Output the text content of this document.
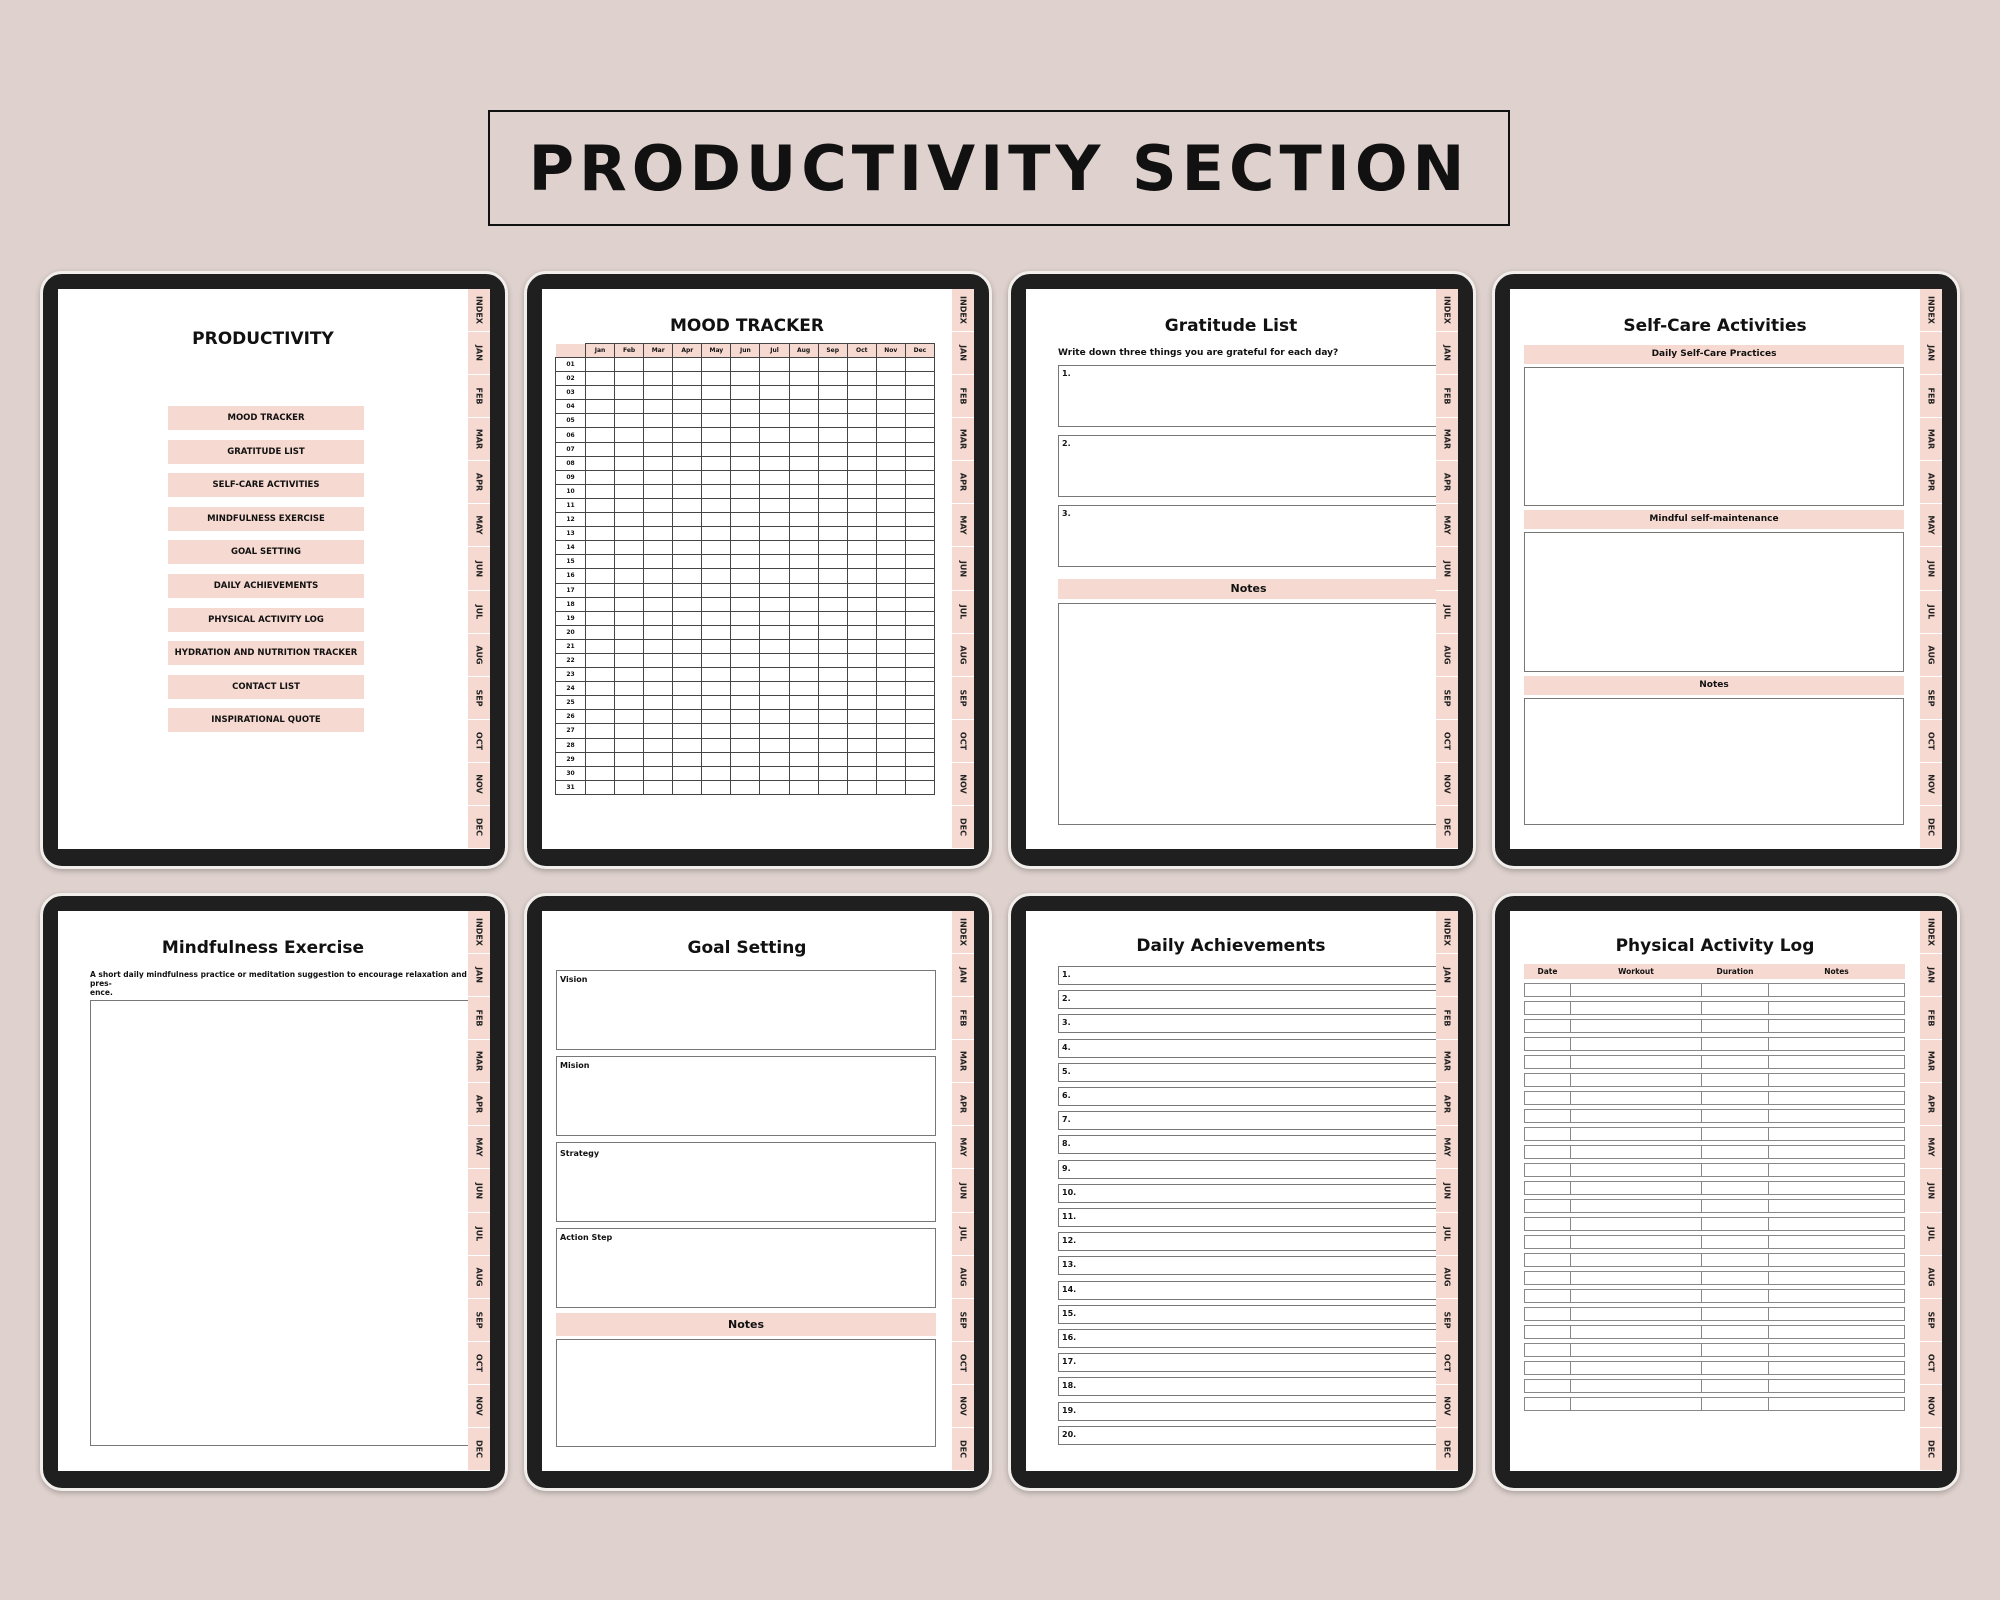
PRODUCTIVITY SECTION
PRODUCTIVITY
MOOD TRACKER
GRATITUDE LIST
SELF-CARE ACTIVITIES
MINDFULNESS EXERCISE
GOAL SETTING
DAILY ACHIEVEMENTS
PHYSICAL ACTIVITY LOG
HYDRATION AND NUTRITION TRACKER
CONTACT LIST
INSPIRATIONAL QUOTE
INDEX
JAN
FEB
MAR
APR
MAY
JUN
JUL
AUG
SEP
OCT
NOV
DEC
MOOD TRACKER
	Jan	Feb	Mar	Apr	May	Jun	Jul	Aug	Sep	Oct	Nov	Dec
01												
02												
03												
04												
05												
06												
07												
08												
09												
10												
11												
12												
13												
14												
15												
16												
17												
18												
19												
20												
21												
22												
23												
24												
25												
26												
27												
28												
29												
30												
31												
INDEX
JAN
FEB
MAR
APR
MAY
JUN
JUL
AUG
SEP
OCT
NOV
DEC
Gratitude List
Write down three things you are grateful for each day?
1.
2.
3.
Notes
INDEX
JAN
FEB
MAR
APR
MAY
JUN
JUL
AUG
SEP
OCT
NOV
DEC
Self-Care Activities
Daily Self-Care Practices
Mindful self-maintenance
Notes
INDEX
JAN
FEB
MAR
APR
MAY
JUN
JUL
AUG
SEP
OCT
NOV
DEC
Mindfulness Exercise
A short daily mindfulness practice or meditation suggestion to encourage relaxation and pres-
ence.
INDEX
JAN
FEB
MAR
APR
MAY
JUN
JUL
AUG
SEP
OCT
NOV
DEC
Goal Setting
Vision
Mision
Strategy
Action Step
Notes
INDEX
JAN
FEB
MAR
APR
MAY
JUN
JUL
AUG
SEP
OCT
NOV
DEC
Daily Achievements
1.
2.
3.
4.
5.
6.
7.
8.
9.
10.
11.
12.
13.
14.
15.
16.
17.
18.
19.
20.
INDEX
JAN
FEB
MAR
APR
MAY
JUN
JUL
AUG
SEP
OCT
NOV
DEC
Physical Activity Log
Date	Workout	Duration	Notes

INDEX
JAN
FEB
MAR
APR
MAY
JUN
JUL
AUG
SEP
OCT
NOV
DEC
